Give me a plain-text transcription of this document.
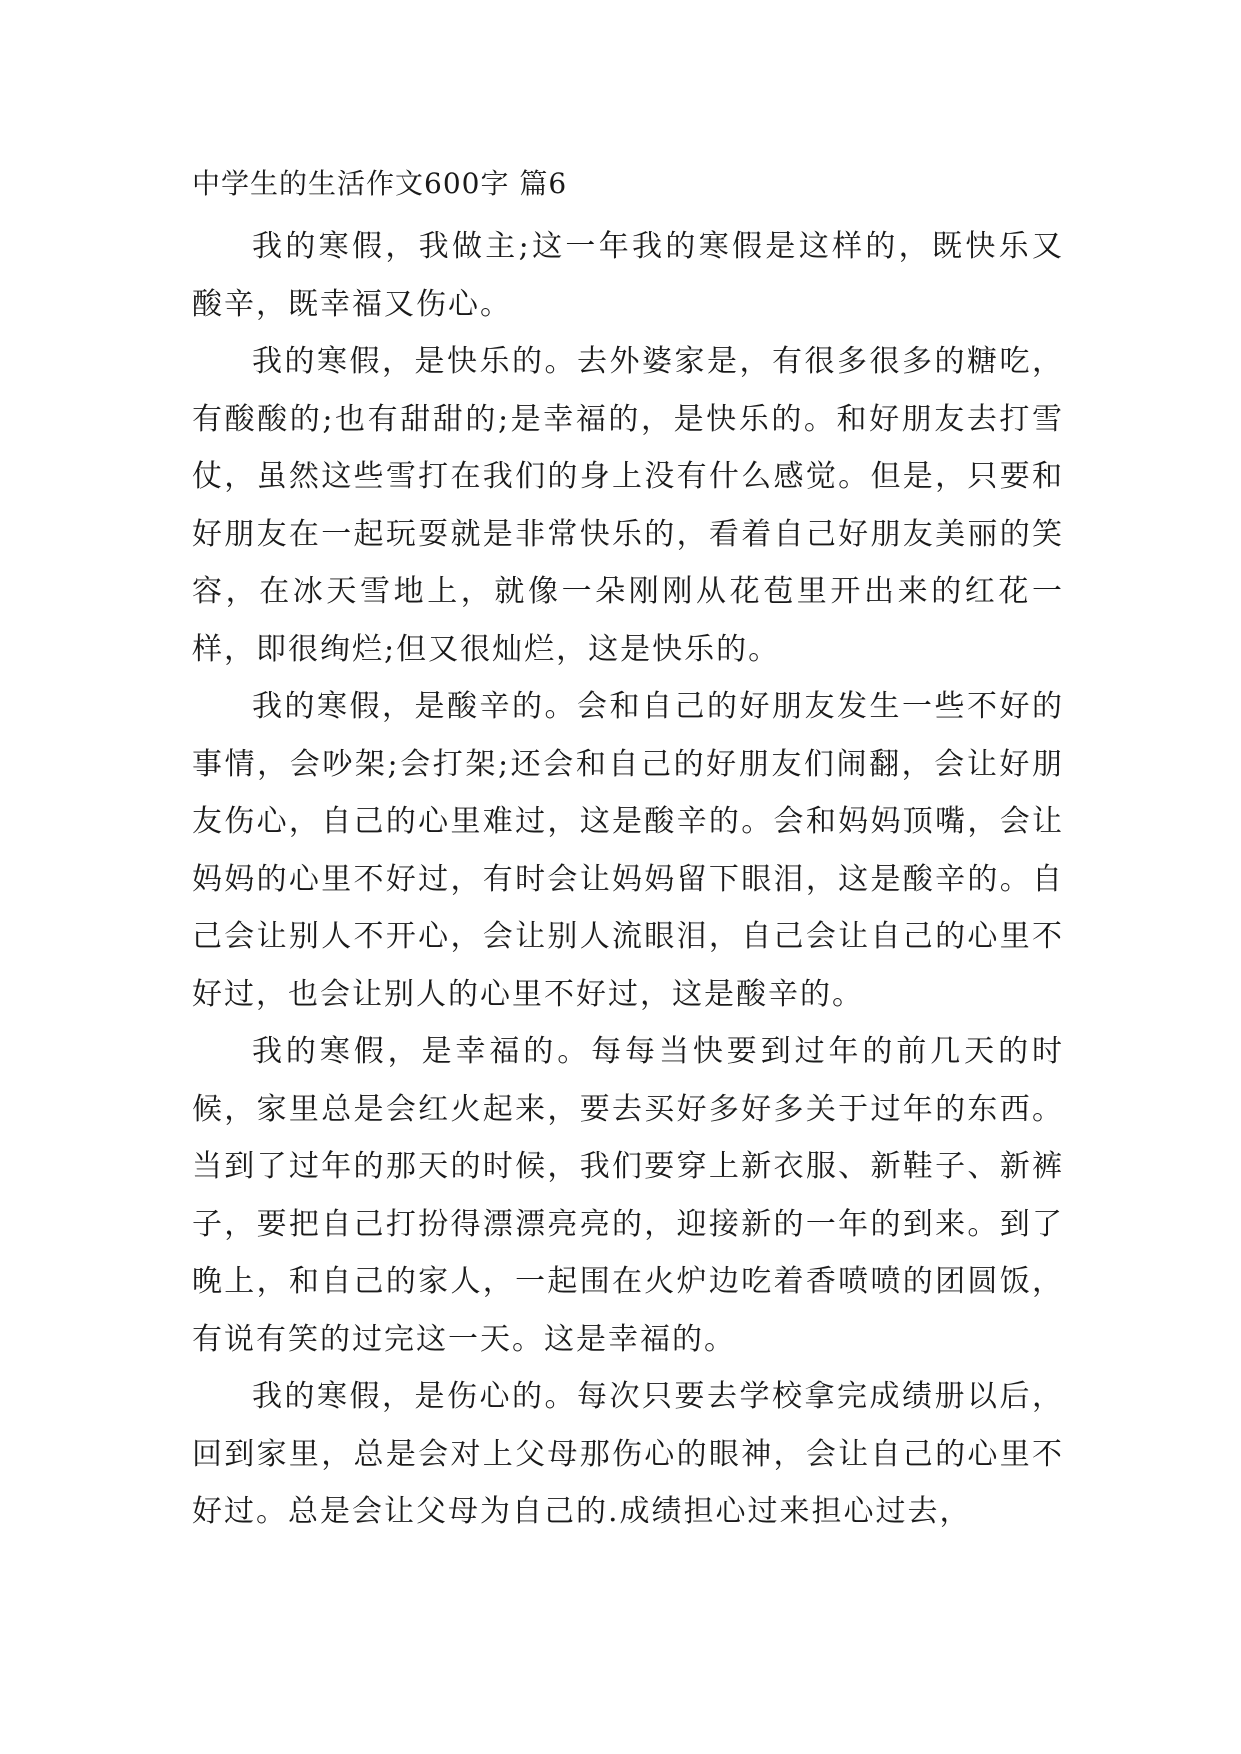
中学生的生活作文600字 篇6

我的寒假，我做主;这一年我的寒假是这样的，既快乐又酸辛，既幸福又伤心。

我的寒假，是快乐的。去外婆家是，有很多很多的糖吃，有酸酸的;也有甜甜的;是幸福的，是快乐的。和好朋友去打雪仗，虽然这些雪打在我们的身上没有什么感觉。但是，只要和好朋友在一起玩耍就是非常快乐的，看着自己好朋友美丽的笑容，在冰天雪地上，就像一朵刚刚从花苞里开出来的红花一样，即很绚烂;但又很灿烂，这是快乐的。

我的寒假，是酸辛的。会和自己的好朋友发生一些不好的事情，会吵架;会打架;还会和自己的好朋友们闹翻，会让好朋友伤心，自己的心里难过，这是酸辛的。会和妈妈顶嘴，会让妈妈的心里不好过，有时会让妈妈留下眼泪，这是酸辛的。自己会让别人不开心，会让别人流眼泪，自己会让自己的心里不好过，也会让别人的心里不好过，这是酸辛的。

我的寒假，是幸福的。每每当快要到过年的前几天的时候，家里总是会红火起来，要去买好多好多关于过年的东西。当到了过年的那天的时候，我们要穿上新衣服、新鞋子、新裤子，要把自己打扮得漂漂亮亮的，迎接新的一年的到来。到了晚上，和自己的家人，一起围在火炉边吃着香喷喷的团圆饭，有说有笑的过完这一天。这是幸福的。

我的寒假，是伤心的。每次只要去学校拿完成绩册以后，回到家里，总是会对上父母那伤心的眼神，会让自己的心里不好过。总是会让父母为自己的.成绩担心过来担心过去，
